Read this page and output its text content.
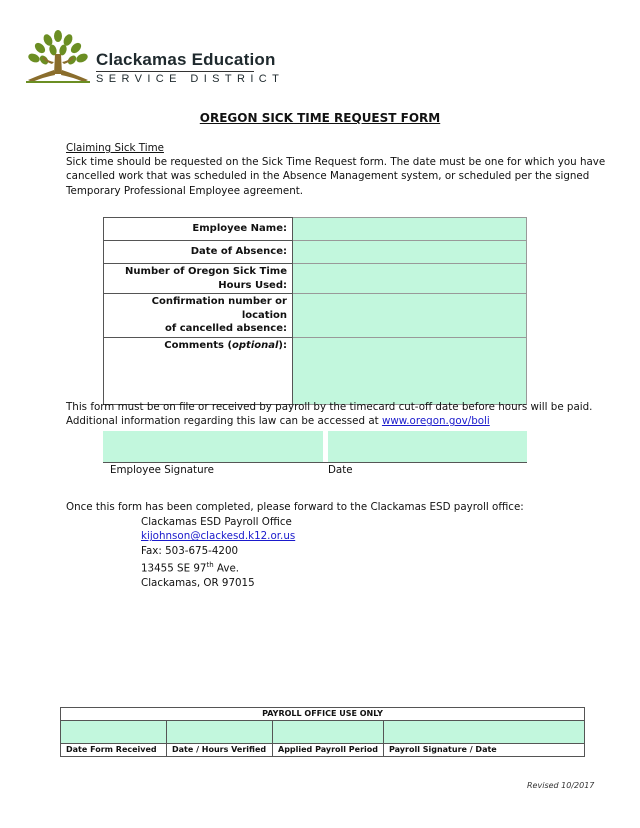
Clackamas Education
SERVICE DISTRICT
OREGON SICK TIME REQUEST FORM
Claiming Sick Time
Sick time should be requested on the Sick Time Request form. The date must be one for which you have
cancelled work that was scheduled in the Absence Management system, or scheduled per the signed
Temporary Professional Employee agreement.
Employee Name:	
Date of Absence:	

Number of Oregon Sick Time
Hours Used:	

Confirmation number or location
of cancelled absence:	

Comments (optional):	
This form must be on file or received by payroll by the timecard cut-off date before hours will be paid.
Additional information regarding this law can be accessed at www.oregon.gov/boli
Employee Signature	Date
Once this form has been completed, please forward to the Clackamas ESD payroll office:
Clackamas ESD Payroll Office
kijohnson@clackesd.k12.or.us
Fax: 503-675-4200
13455 SE 97th Ave.
Clackamas, OR 97015
PAYROLL OFFICE USE ONLY			

Date Form Received	Date / Hours Verified	Applied Payroll Period	Payroll Signature / Date
Revised 10/2017
